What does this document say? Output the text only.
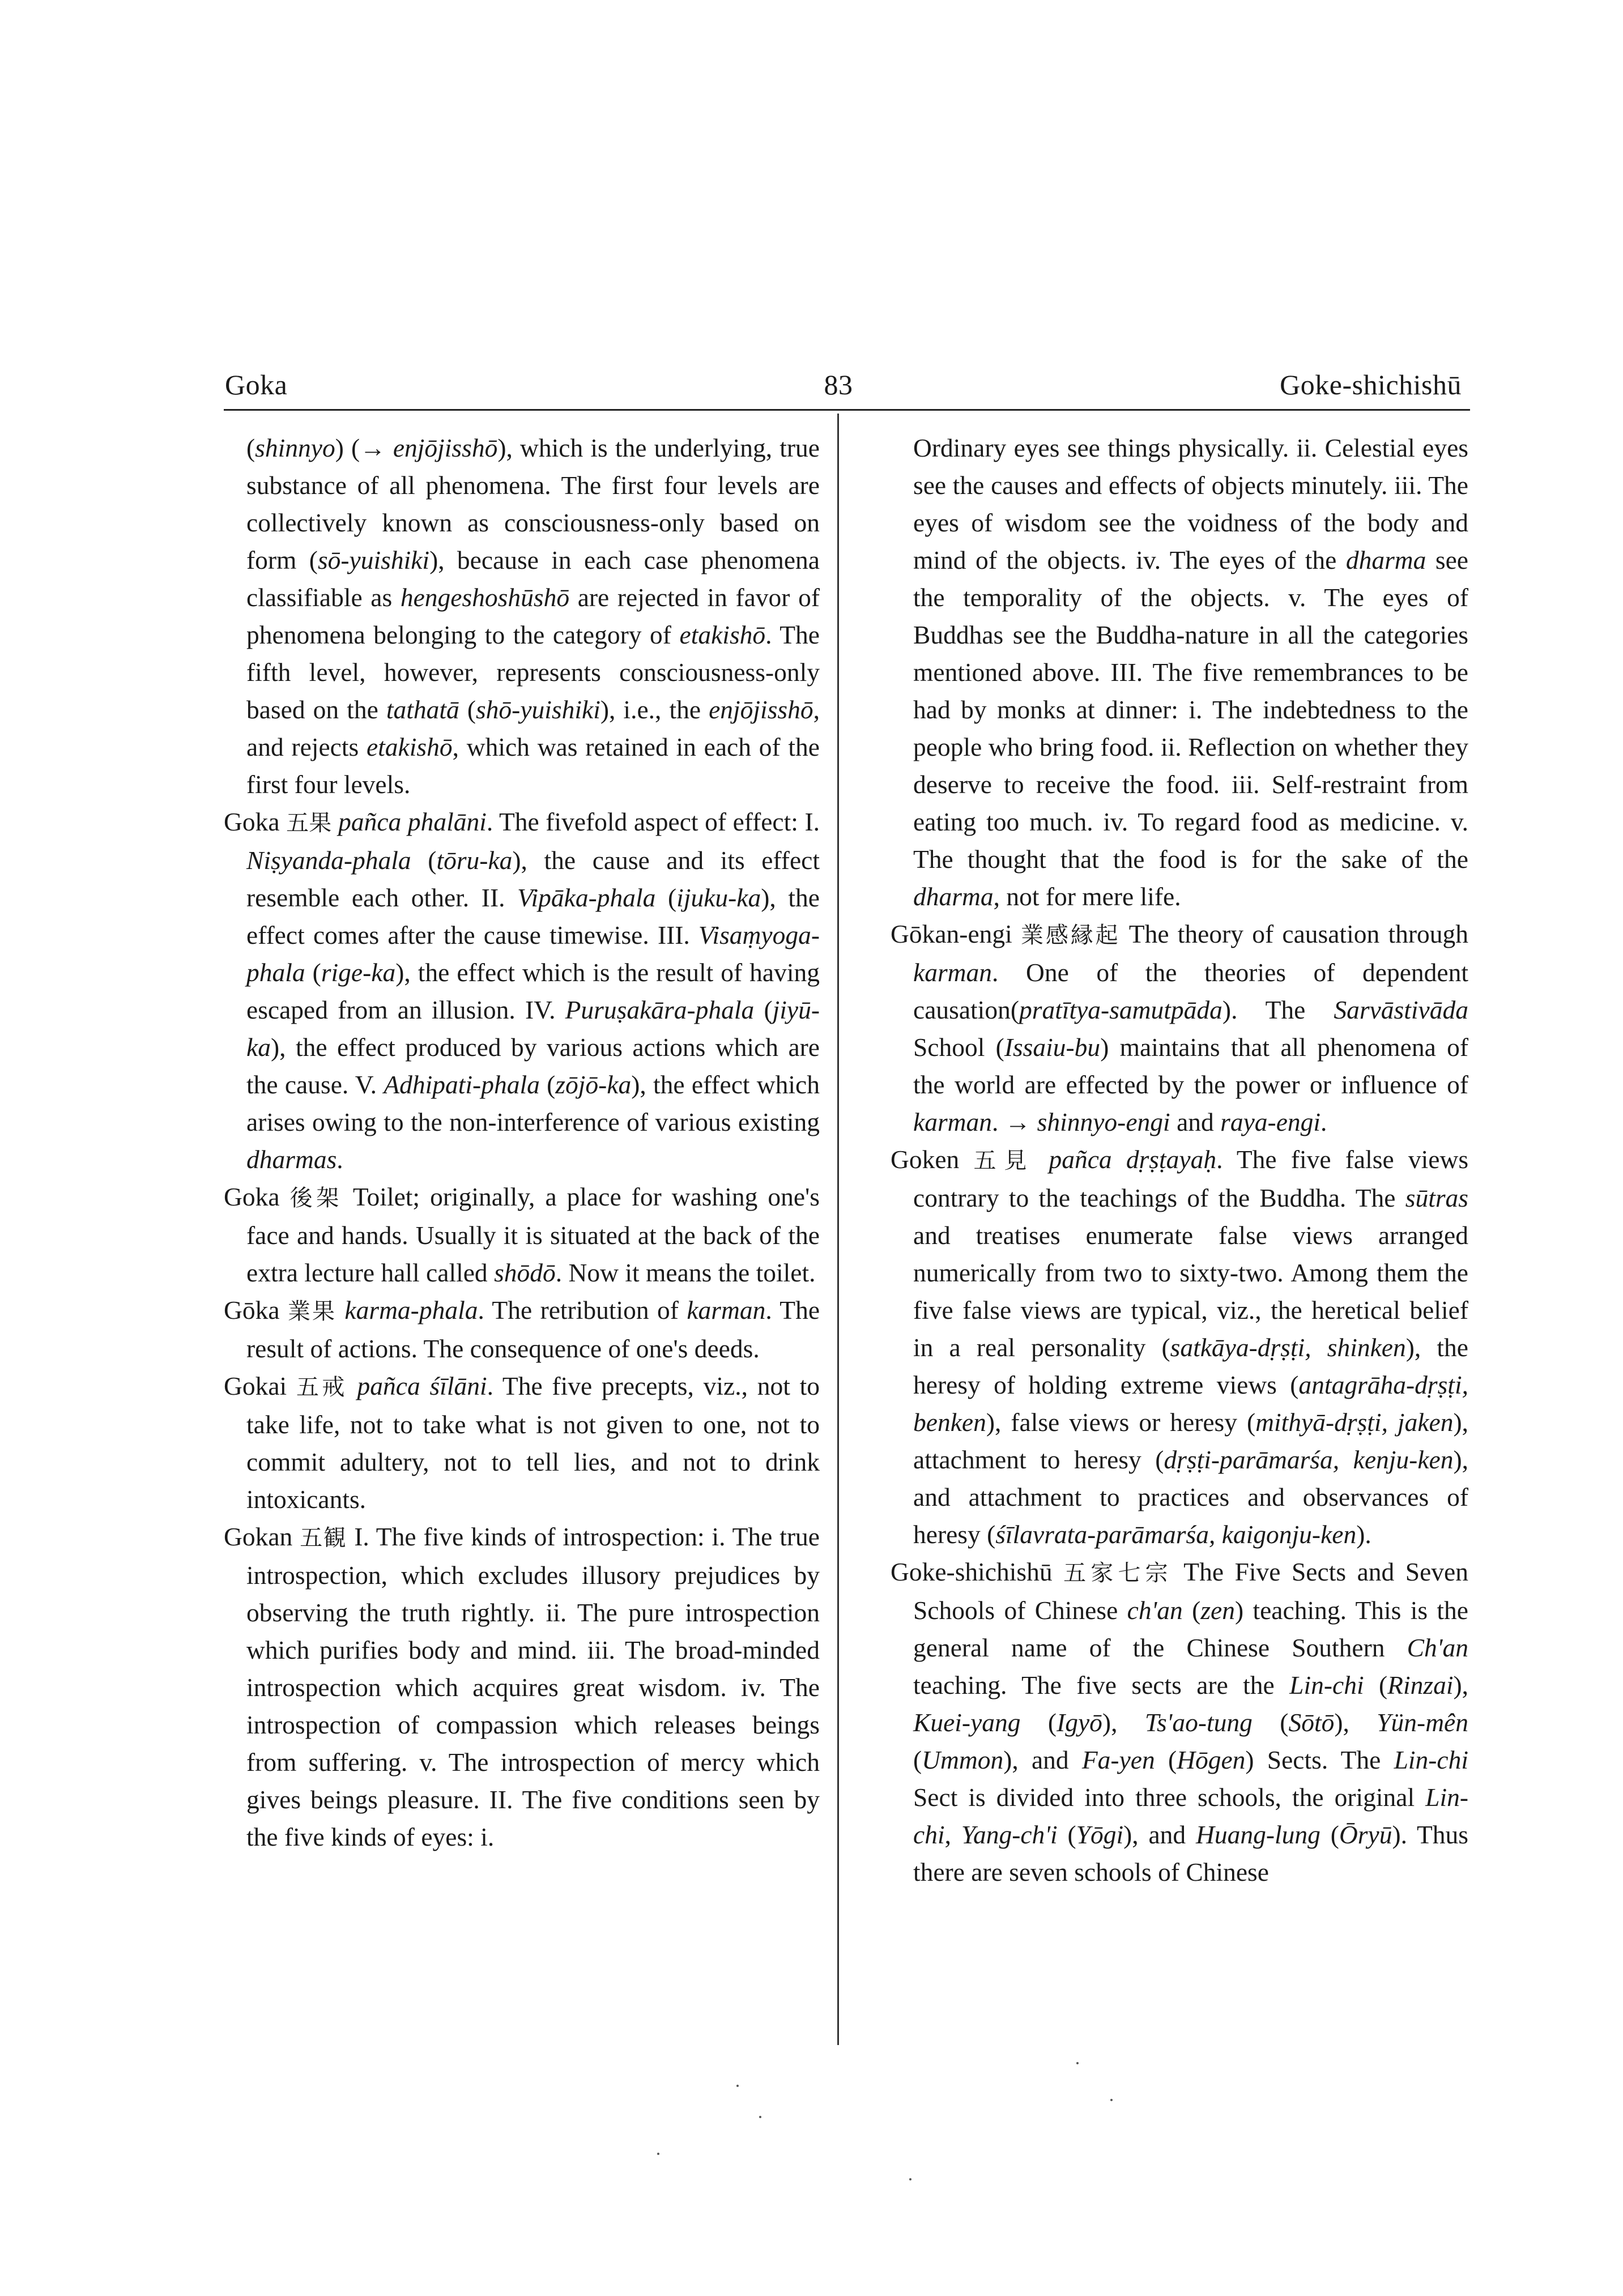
Goka	83	Goke-shichishū

(shinnyo) (→ enjōjisshō), which is the underlying, true substance of all phenomena. The first four levels are collectively known as consciousness-only based on form (sō-yuishiki), because in each case phenomena classifiable as hengeshoshūshō are rejected in favor of phenomena belonging to the category of etakishō. The fifth level, however, represents consciousness-only based on the tathatā (shō-yuishiki), i.e., the enjōjisshō, and rejects etakishō, which was retained in each of the first four levels.

Goka 五果 pañca phalāni. The fivefold aspect of effect: I. Niṣyanda-phala (tōru-ka), the cause and its effect resemble each other. II. Vipāka-phala (ijuku-ka), the effect comes after the cause timewise. III. Visaṃyoga-phala (rige-ka), the effect which is the result of having escaped from an illusion. IV. Puruṣakāra-phala (jiyū-ka), the effect produced by various actions which are the cause. V. Adhipati-phala (zōjō-ka), the effect which arises owing to the non-interference of various existing dharmas.

Goka 後架 Toilet; originally, a place for washing one's face and hands. Usually it is situated at the back of the extra lecture hall called shōdō. Now it means the toilet.

Gōka 業果 karma-phala. The retribution of karman. The result of actions. The consequence of one's deeds.

Gokai 五戒 pañca śīlāni. The five precepts, viz., not to take life, not to take what is not given to one, not to commit adultery, not to tell lies, and not to drink intoxicants.

Gokan 五観 I. The five kinds of introspection: i. The true introspection, which excludes illusory prejudices by observing the truth rightly. ii. The pure introspection which purifies body and mind. iii. The broad-minded introspection which acquires great wisdom. iv. The introspection of compassion which releases beings from suffering. v. The introspection of mercy which gives beings pleasure. II. The five conditions seen by the five kinds of eyes: i.

Ordinary eyes see things physically. ii. Celestial eyes see the causes and effects of objects minutely. iii. The eyes of wisdom see the voidness of the body and mind of the objects. iv. The eyes of the dharma see the temporality of the objects. v. The eyes of Buddhas see the Buddha-nature in all the categories mentioned above. III. The five remembrances to be had by monks at dinner: i. The indebtedness to the people who bring food. ii. Reflection on whether they deserve to receive the food. iii. Self-restraint from eating too much. iv. To regard food as medicine. v. The thought that the food is for the sake of the dharma, not for mere life.

Gōkan-engi 業感縁起 The theory of causation through karman. One of the theories of dependent causation(pratītya-samutpāda). The Sarvāstivāda School (Issaiu-bu) maintains that all phenomena of the world are effected by the power or influence of karman. → shinnyo-engi and raya-engi.

Goken 五見 pañca dṛṣṭayaḥ. The five false views contrary to the teachings of the Buddha. The sūtras and treatises enumerate false views arranged numerically from two to sixty-two. Among them the five false views are typical, viz., the heretical belief in a real personality (satkāya-dṛṣṭi, shinken), the heresy of holding extreme views (antagrāha-dṛṣṭi, benken), false views or heresy (mithyā-dṛṣṭi, jaken), attachment to heresy (dṛṣṭi-parāmarśa, kenju-ken), and attachment to practices and observances of heresy (śīlavrata-parāmarśa, kaigonju-ken).

Goke-shichishū 五家七宗 The Five Sects and Seven Schools of Chinese ch'an (zen) teaching. This is the general name of the Chinese Southern Ch'an teaching. The five sects are the Lin-chi (Rinzai), Kuei-yang (Igyō), Ts'ao-tung (Sōtō), Yün-mên (Ummon), and Fa-yen (Hōgen) Sects. The Lin-chi Sect is divided into three schools, the original Lin-chi, Yang-ch'i (Yōgi), and Huang-lung (Ōryū). Thus there are seven schools of Chinese
